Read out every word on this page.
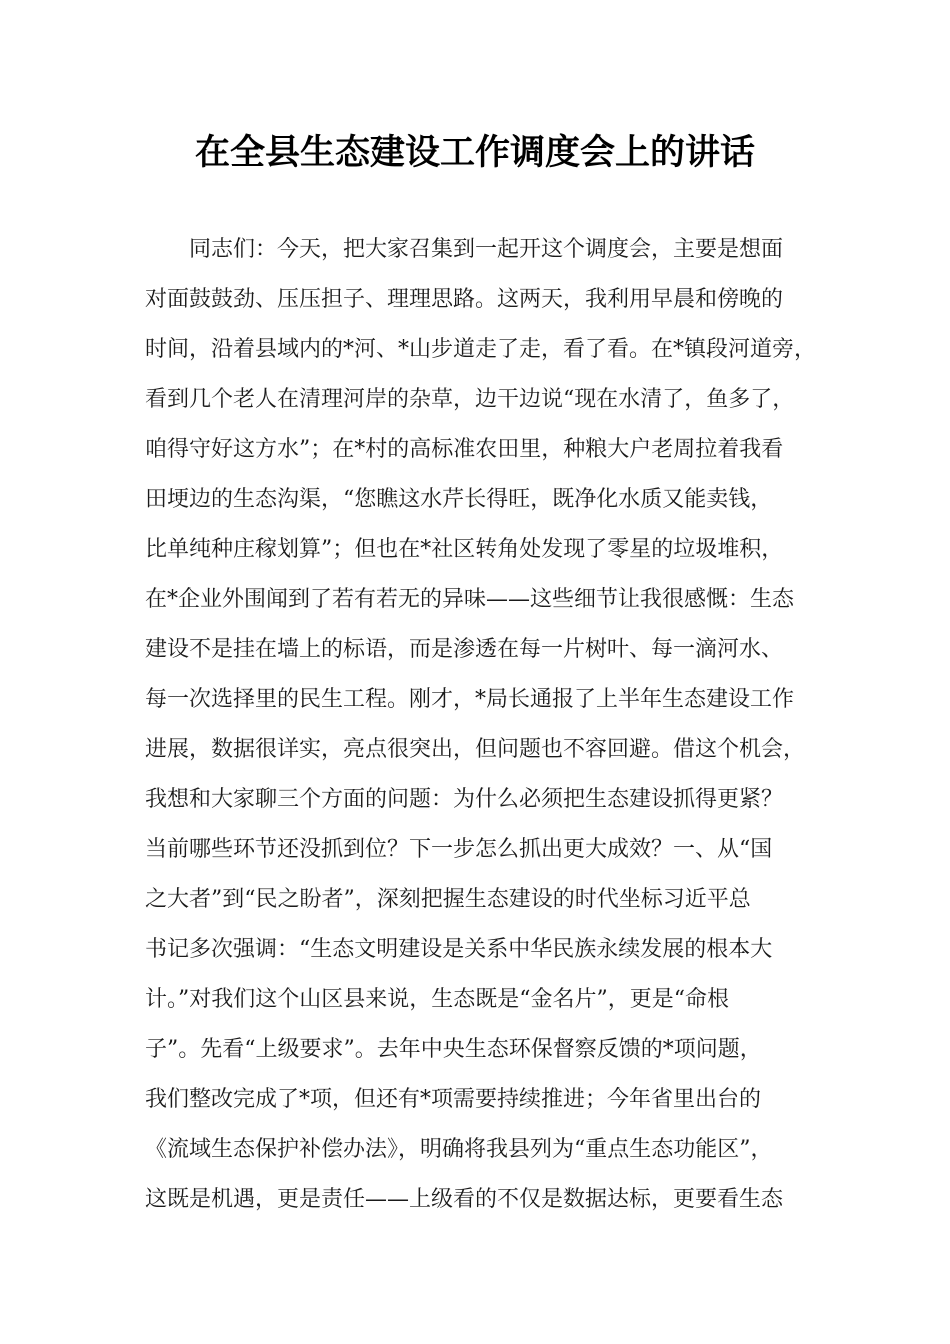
在全县生态建设工作调度会上的讲话
同志们：今天，把大家召集到一起开这个调度会，主要是想面
对面鼓鼓劲、压压担子、理理思路。这两天，我利用早晨和傍晚的
时间，沿着县域内的*河、*山步道走了走，看了看。在*镇段河道旁，
看到几个老人在清理河岸的杂草，边干边说“现在水清了，鱼多了，
咱得守好这方水”；在*村的高标准农田里，种粮大户老周拉着我看
田埂边的生态沟渠，“您瞧这水芹长得旺，既净化水质又能卖钱，
比单纯种庄稼划算”；但也在*社区转角处发现了零星的垃圾堆积，
在*企业外围闻到了若有若无的异味——这些细节让我很感慨：生态
建设不是挂在墙上的标语，而是渗透在每一片树叶、每一滴河水、
每一次选择里的民生工程。刚才，*局长通报了上半年生态建设工作
进展，数据很详实，亮点很突出，但问题也不容回避。借这个机会，
我想和大家聊三个方面的问题：为什么必须把生态建设抓得更紧？
当前哪些环节还没抓到位？下一步怎么抓出更大成效？一、从“国
之大者”到“民之盼者”，深刻把握生态建设的时代坐标习近平总
书记多次强调：“生态文明建设是关系中华民族永续发展的根本大
计。”对我们这个山区县来说，生态既是“金名片”，更是“命根
子”。先看“上级要求”。去年中央生态环保督察反馈的*项问题，
我们整改完成了*项，但还有*项需要持续推进；今年省里出台的
《流域生态保护补偿办法》，明确将我县列为“重点生态功能区”，
这既是机遇，更是责任——上级看的不仅是数据达标，更要看生态
